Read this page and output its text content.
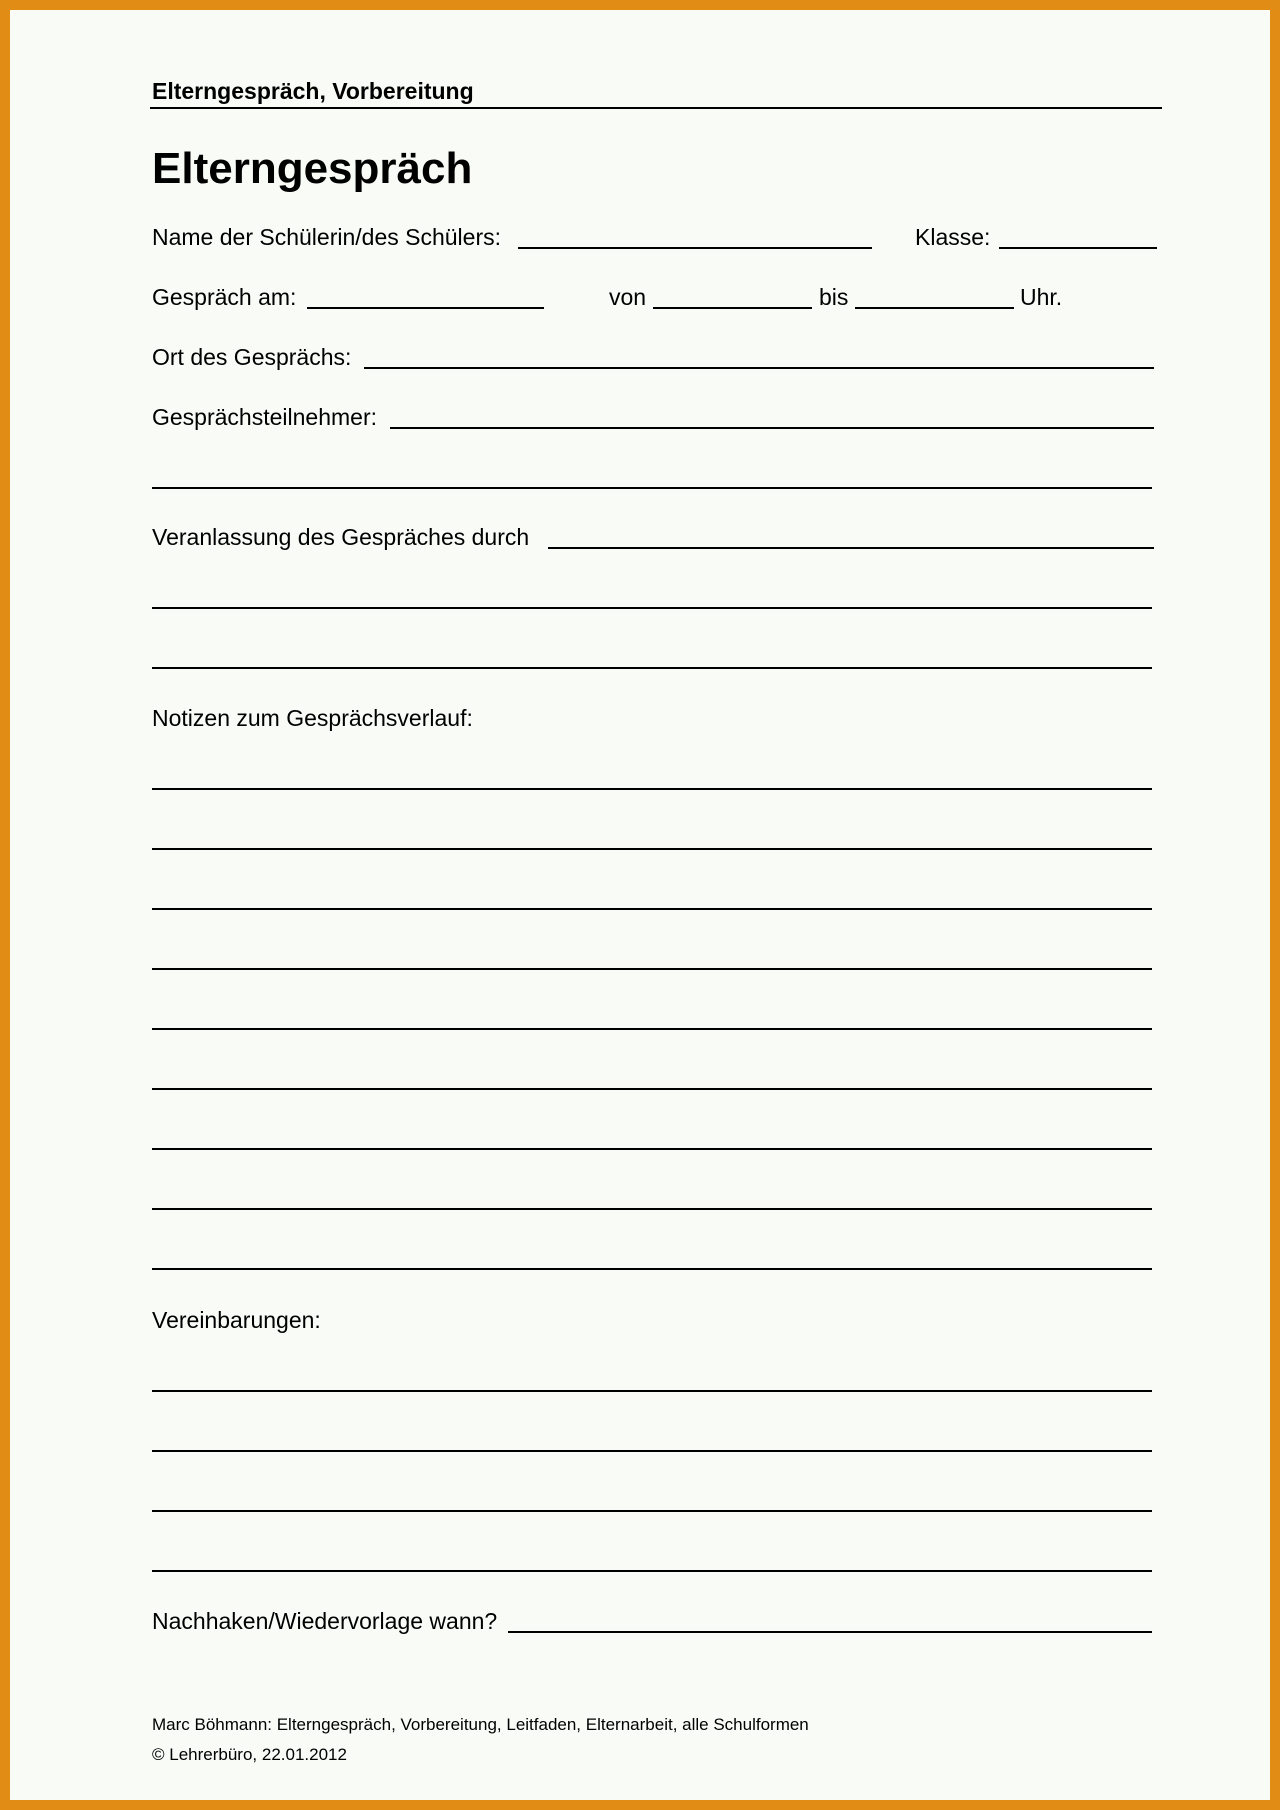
Elterngespräch, Vorbereitung
Elterngespräch
Name der Schülerin/des Schülers:	Klasse:
Gespräch am:	von	bis	Uhr.
Ort des Gesprächs:
Gesprächsteilnehmer:
Veranlassung des Gespräches durch
Notizen zum Gesprächsverlauf:
Vereinbarungen:
Nachhaken/Wiedervorlage wann?
Marc Böhmann: Elterngespräch, Vorbereitung, Leitfaden, Elternarbeit, alle Schulformen
© Lehrerbüro, 22.01.2012
